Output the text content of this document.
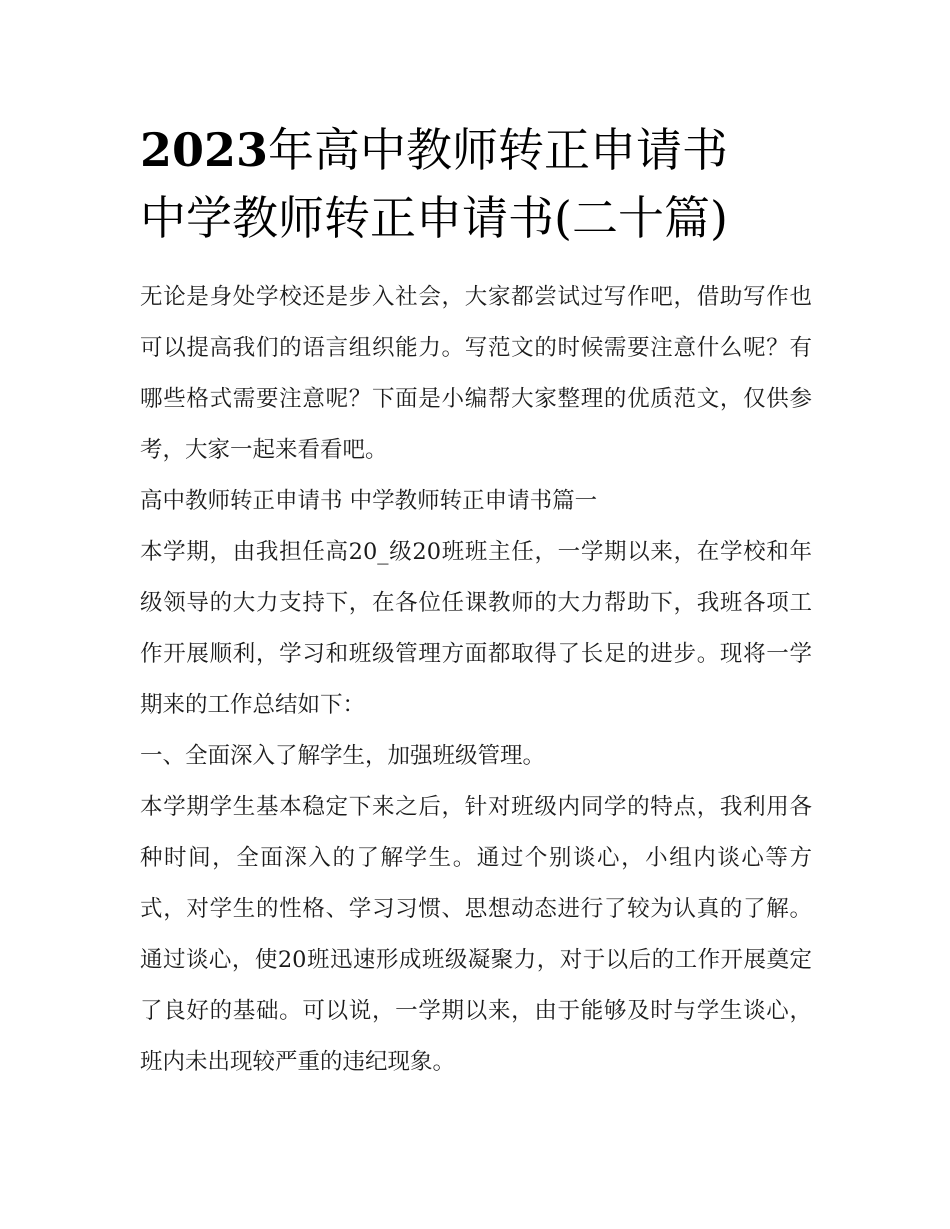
2023年高中教师转正申请书
中学教师转正申请书(二十篇)

无论是身处学校还是步入社会，大家都尝试过写作吧，借助写作也可以提高我们的语言组织能力。写范文的时候需要注意什么呢？有哪些格式需要注意呢？下面是小编帮大家整理的优质范文，仅供参考，大家一起来看看吧。

高中教师转正申请书 中学教师转正申请书篇一

本学期，由我担任高20_级20班班主任，一学期以来，在学校和年级领导的大力支持下，在各位任课教师的大力帮助下，我班各项工作开展顺利，学习和班级管理方面都取得了长足的进步。现将一学期来的工作总结如下：

一、全面深入了解学生，加强班级管理。

本学期学生基本稳定下来之后，针对班级内同学的特点，我利用各种时间，全面深入的了解学生。通过个别谈心，小组内谈心等方式，对学生的性格、学习习惯、思想动态进行了较为认真的了解。通过谈心，使20班迅速形成班级凝聚力，对于以后的工作开展奠定了良好的基础。可以说，一学期以来，由于能够及时与学生谈心，班内未出现较严重的违纪现象。
